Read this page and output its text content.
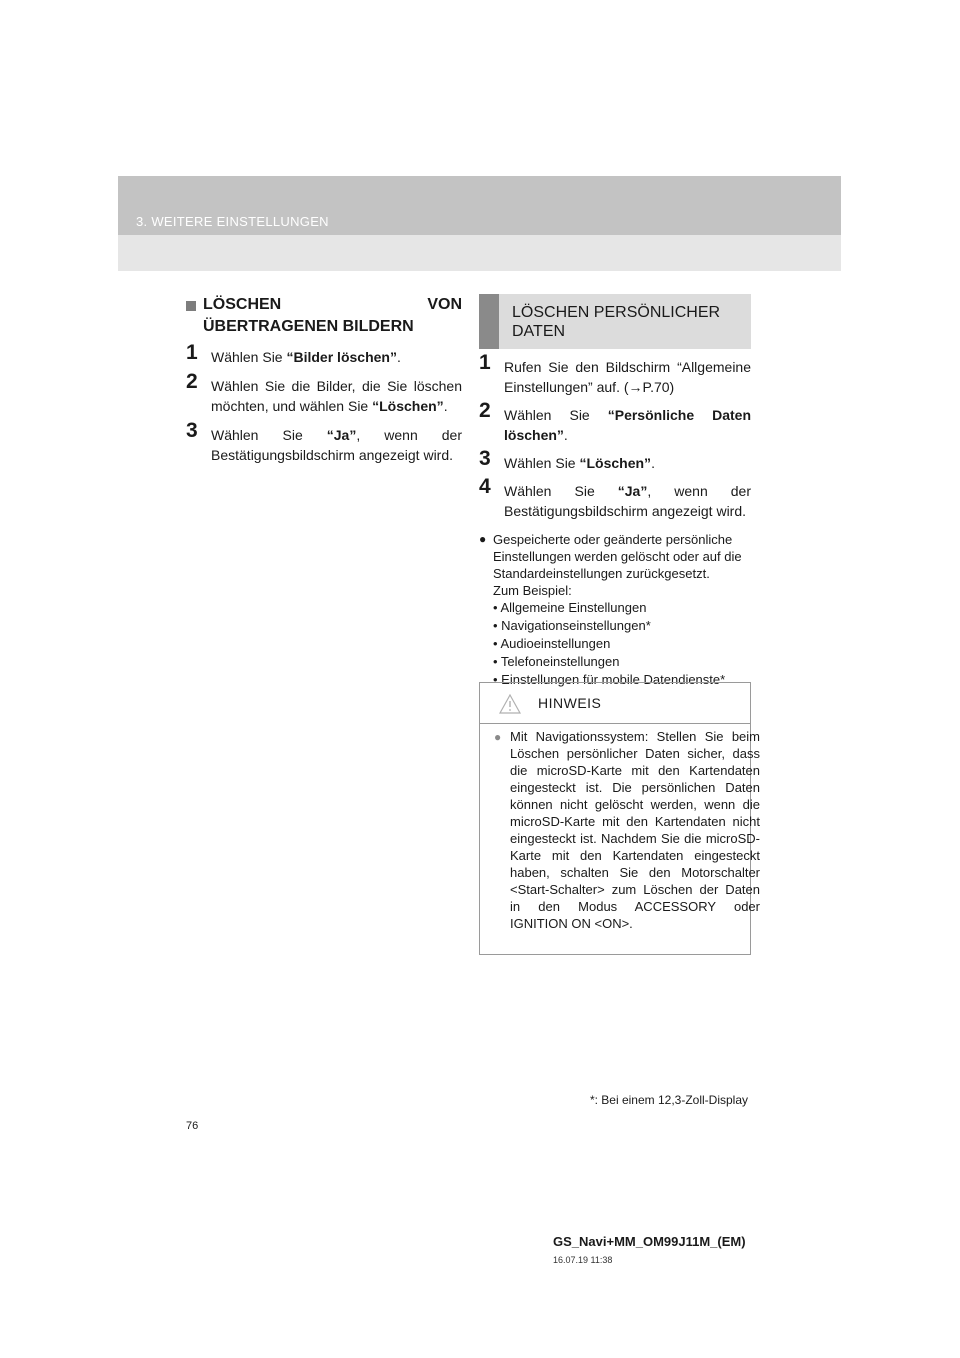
3. WEITERE EINSTELLUNGEN
LÖSCHEN	VON
ÜBERTRAGENEN BILDERN
1 Wählen Sie “Bilder löschen”.
2 Wählen Sie die Bilder, die Sie löschen möchten, und wählen Sie “Löschen”.
3 Wählen Sie “Ja”, wenn der Bestätigungsbildschirm angezeigt wird.
LÖSCHEN PERSÖNLICHER
DATEN
1 Rufen Sie den Bildschirm “Allgemeine Einstellungen” auf. (→P.70)
2 Wählen Sie “Persönliche Daten löschen”.
3 Wählen Sie “Löschen”.
4 Wählen Sie “Ja”, wenn der Bestätigungsbildschirm angezeigt wird.
● Gespeicherte oder geänderte persönliche Einstellungen werden gelöscht oder auf die Standardeinstellungen zurückgesetzt.
Zum Beispiel:
• Allgemeine Einstellungen
• Navigationseinstellungen*
• Audioeinstellungen
• Telefoneinstellungen
• Einstellungen für mobile Datendienste*
HINWEIS
● Mit Navigationssystem: Stellen Sie beim Löschen persönlicher Daten sicher, dass die microSD-Karte mit den Kartendaten eingesteckt ist. Die persönlichen Daten können nicht gelöscht werden, wenn die microSD-Karte mit den Kartendaten nicht eingesteckt ist. Nachdem Sie die microSD-Karte mit den Kartendaten eingesteckt haben, schalten Sie den Motorschalter <Start-Schalter> zum Löschen der Daten in den Modus ACCESSORY oder IGNITION ON <ON>.
*: Bei einem 12,3-Zoll-Display
76
GS_Navi+MM_OM99J11M_(EM)
16.07.19 11:38
